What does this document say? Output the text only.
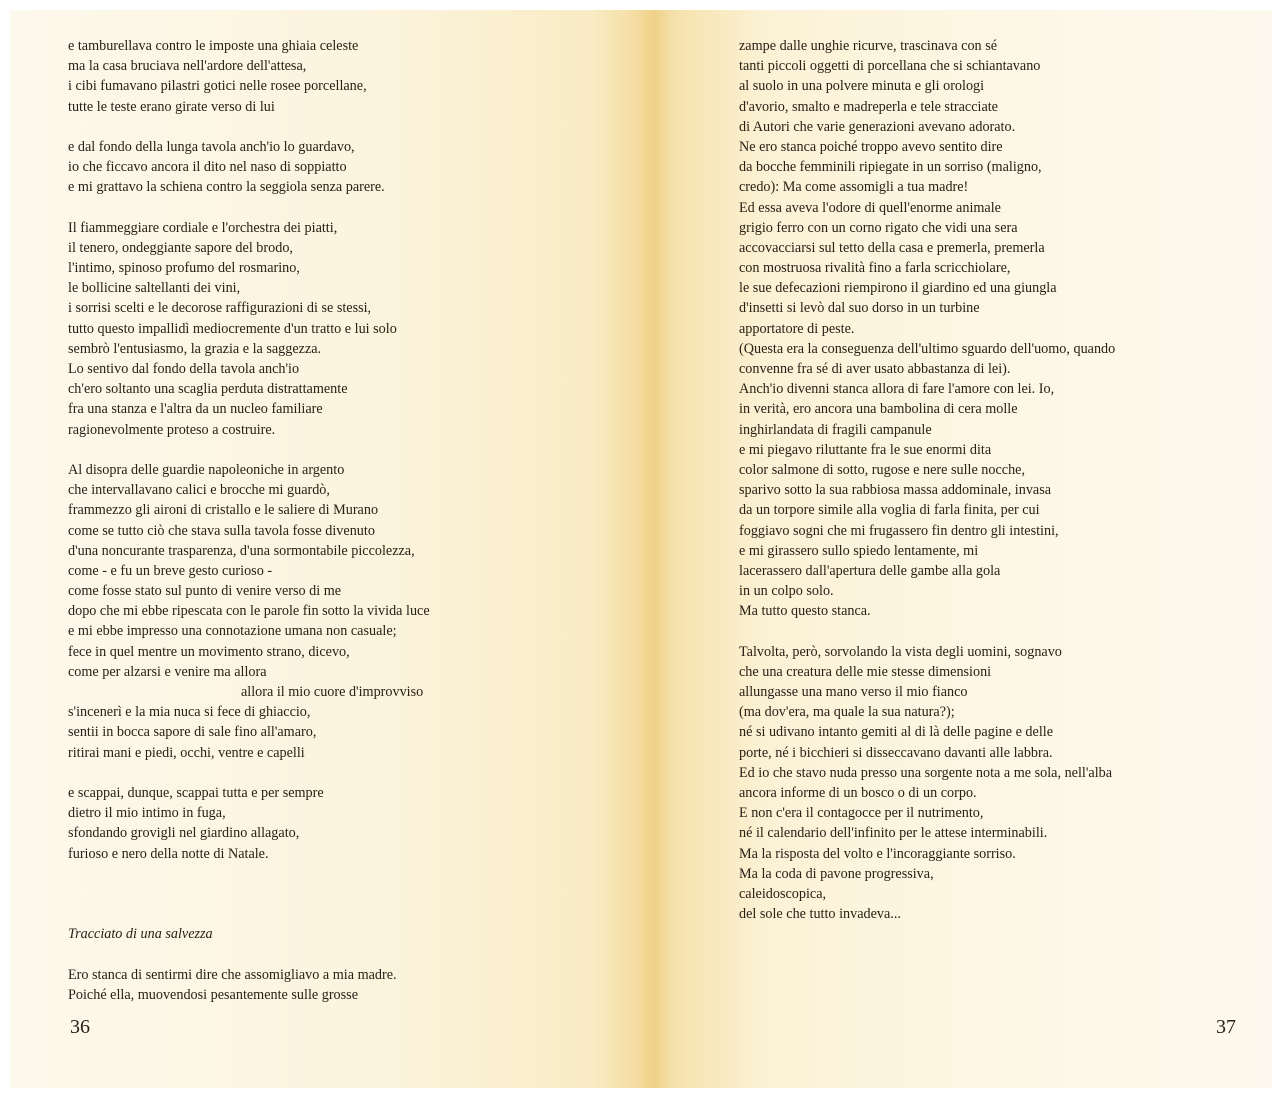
e tamburellava contro le imposte una ghiaia celeste
ma la casa bruciava nell'ardore dell'attesa,
i cibi fumavano pilastri gotici nelle rosee porcellane,
tutte le teste erano girate verso di lui
e dal fondo della lunga tavola anch'io lo guardavo,
io che ficcavo ancora il dito nel naso di soppiatto
e mi grattavo la schiena contro la seggiola senza parere.
Il fiammeggiare cordiale e l'orchestra dei piatti,
il tenero, ondeggiante sapore del brodo,
l'intimo, spinoso profumo del rosmarino,
le bollicine saltellanti dei vini,
i sorrisi scelti e le decorose raffigurazioni di se stessi,
tutto questo impallidì mediocremente d'un tratto e lui solo
sembrò l'entusiasmo, la grazia e la saggezza.
Lo sentivo dal fondo della tavola anch'io
ch'ero soltanto una scaglia perduta distrattamente
fra una stanza e l'altra da un nucleo familiare
ragionevolmente proteso a costruire.
Al disopra delle guardie napoleoniche in argento
che intervallavano calici e brocche mi guardò,
frammezzo gli aironi di cristallo e le saliere di Murano
come se tutto ciò che stava sulla tavola fosse divenuto
d'una noncurante trasparenza, d'una sormontabile piccolezza,
come - e fu un breve gesto curioso -
come fosse stato sul punto di venire verso di me
dopo che mi ebbe ripescata con le parole fin sotto la vivida luce
e mi ebbe impresso una connotazione umana non casuale;
fece in quel mentre un movimento strano, dicevo,
come per alzarsi e venire ma allora
allora il mio cuore d'improvviso
s'incenerì e la mia nuca si fece di ghiaccio,
sentii in bocca sapore di sale fino all'amaro,
ritirai mani e piedi, occhi, ventre e capelli
e scappai, dunque, scappai tutta e per sempre
dietro il mio intimo in fuga,
sfondando grovigli nel giardino allagato,
furioso e nero della notte di Natale.
Tracciato di una salvezza
Ero stanca di sentirmi dire che assomigliavo a mia madre.
Poiché ella, muovendosi pesantemente sulle grosse
36
zampe dalle unghie ricurve, trascinava con sé
tanti piccoli oggetti di porcellana che si schiantavano
al suolo in una polvere minuta e gli orologi
d'avorio, smalto e madreperla e tele stracciate
di Autori che varie generazioni avevano adorato.
Ne ero stanca poiché troppo avevo sentito dire
da bocche femminili ripiegate in un sorriso (maligno,
credo): Ma come assomigli a tua madre!
Ed essa aveva l'odore di quell'enorme animale
grigio ferro con un corno rigato che vidi una sera
accovacciarsi sul tetto della casa e premerla, premerla
con mostruosa rivalità fino a farla scricchiolare,
le sue defecazioni riempirono il giardino ed una giungla
d'insetti si levò dal suo dorso in un turbine
apportatore di peste.
(Questa era la conseguenza dell'ultimo sguardo dell'uomo, quando
convenne fra sé di aver usato abbastanza di lei).
Anch'io divenni stanca allora di fare l'amore con lei. Io,
in verità, ero ancora una bambolina di cera molle
inghirlandata di fragili campanule
e mi piegavo riluttante fra le sue enormi dita
color salmone di sotto, rugose e nere sulle nocche,
sparivo sotto la sua rabbiosa massa addominale, invasa
da un torpore simile alla voglia di farla finita, per cui
foggiavo sogni che mi frugassero fin dentro gli intestini,
e mi girassero sullo spiedo lentamente, mi
lacerassero dall'apertura delle gambe alla gola
in un colpo solo.
Ma tutto questo stanca.
Talvolta, però, sorvolando la vista degli uomini, sognavo
che una creatura delle mie stesse dimensioni
allungasse una mano verso il mio fianco
(ma dov'era, ma quale la sua natura?);
né si udivano intanto gemiti al di là delle pagine e delle
porte, né i bicchieri si disseccavano davanti alle labbra.
Ed io che stavo nuda presso una sorgente nota a me sola, nell'alba
ancora informe di un bosco o di un corpo.
E non c'era il contagocce per il nutrimento,
né il calendario dell'infinito per le attese interminabili.
Ma la risposta del volto e l'incoraggiante sorriso.
Ma la coda di pavone progressiva,
caleidoscopica,
del sole che tutto invadeva...
37
